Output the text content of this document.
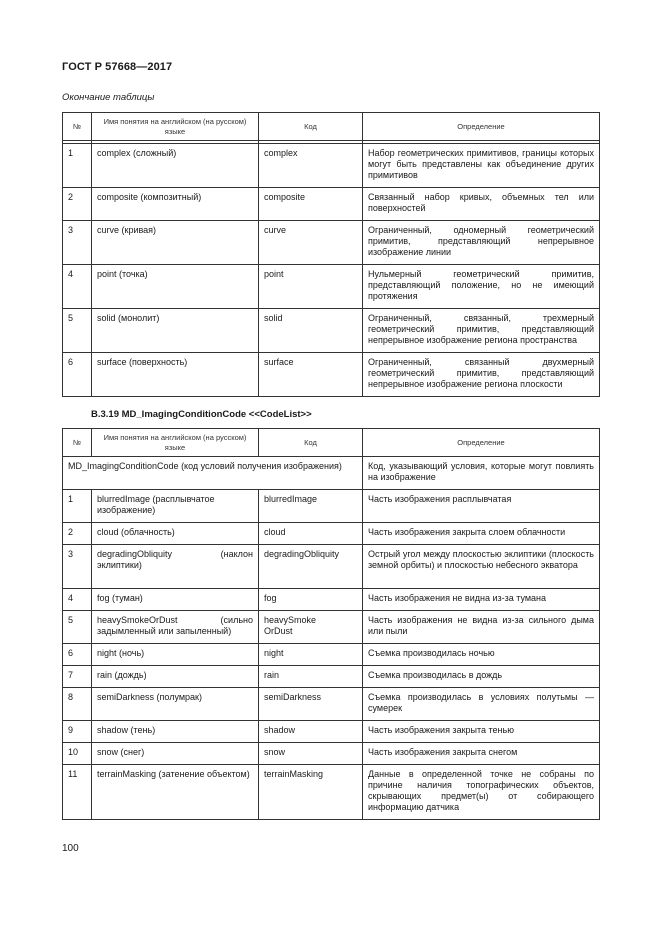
ГОСТ Р 57668—2017
Окончание таблицы
№	Имя понятия на английском (на русском) языке	Код	Определение

1	complex (сложный)	complex	Набор геометрических примитивов, границы которых могут быть представлены как объединение других примитивов
2	composite (композитный)	composite	Связанный набор кривых, объемных тел или поверхностей
3	curve (кривая)	curve	Ограниченный, одномерный геометрический примитив, представляющий непрерывное изображение линии
4	point (точка)	point	Нульмерный геометрический примитив, представляющий положение, но не имеющий протяжения
5	solid (монолит)	solid	Ограниченный, связанный, трехмерный геометрический примитив, представляющий непрерывное изображение региона пространства
6	surface (поверхность)	surface	Ограниченный, связанный двухмерный геометрический примитив, представляющий непрерывное изображение региона плоскости
B.3.19 MD_ImagingConditionCode <<CodeList>>
№	Имя понятия на английском (на русском) языке	Код	Определение
MD_ImagingConditionCode (код условий получения изображения)			Код, указывающий условия, которые могут повлиять на изображение
1	blurredImage (расплывчатое изображение)	blurredImage	Часть изображения расплывчатая
2	cloud (облачность)	cloud	Часть изображения закрыта слоем облачности
3	degradingObliquity (наклон эклиптики)	degradingObliquity	Острый угол между плоскостью эклиптики (плоскость земной орбиты) и плоскостью небесного экватора
4	fog (туман)	fog	Часть изображения не видна из-за тумана
5	heavySmokeOrDust (сильно задымленный или запыленный)	heavySmoke OrDust	Часть изображения не видна из-за сильного дыма или пыли
6	night (ночь)	night	Съемка производилась ночью
7	rain (дождь)	rain	Съемка производилась в дождь
8	semiDarkness (полумрак)	semiDarkness	Съемка производилась в условиях полутьмы — сумерек
9	shadow (тень)	shadow	Часть изображения закрыта тенью
10	snow (снег)	snow	Часть изображения закрыта снегом
11	terrainMasking (затенение объектом)	terrainMasking	Данные в определенной точке не собраны по причине наличия топографических объектов, скрывающих предмет(ы) от собирающего информацию датчика
100
